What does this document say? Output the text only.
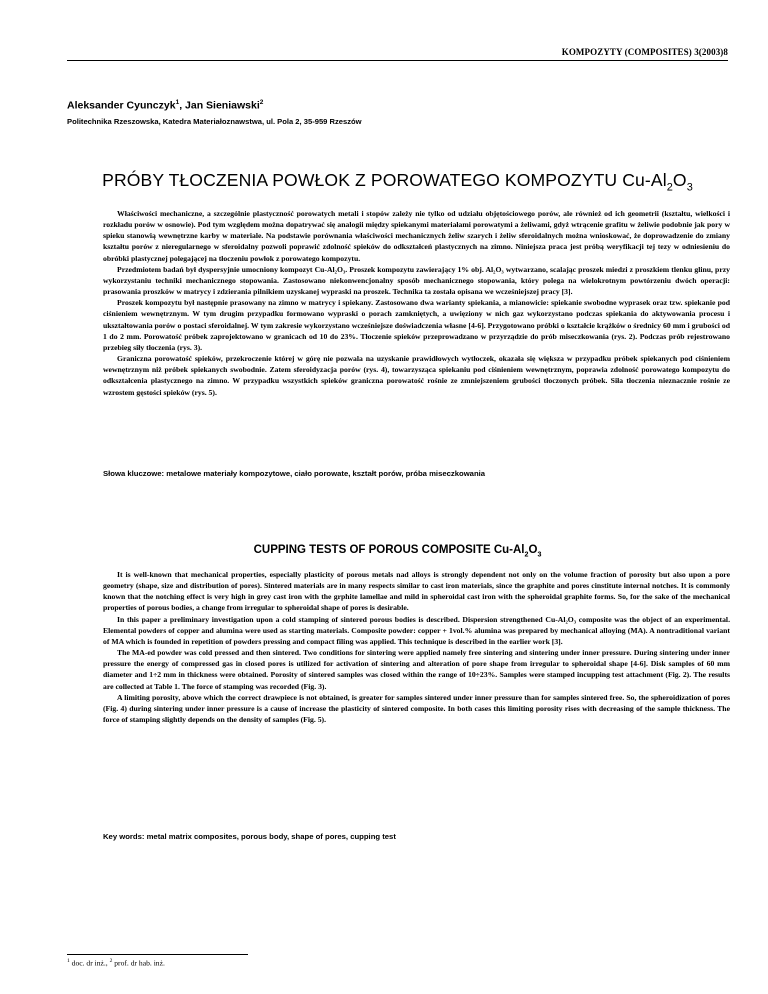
KOMPOZYTY (COMPOSITES) 3(2003)8
Aleksander Cyunczyk$^1$, Jan Sieniawski$^2$
Politechnika Rzeszowska, Katedra Materiałoznawstwa, ul. Pola 2, 35-959 Rzeszów
PRÓBY TŁOCZENIA POWŁOK Z POROWATEGO KOMPOZYTU $Cu-Al_2O_3$

Właściwości mechaniczne, a szczególnie plastyczność porowatych metali i stopów zależy nie tylko od udziału objętościowego porów, ale również od ich geometrii (kształtu, wielkości i rozkładu porów w osnowie). Pod tym względem można dopatrywać się analogii między spiekanymi materiałami porowatymi a żeliwami, gdyż wtrącenie grafitu w żeliwie podobnie jak pory w spieku stanowią wewnętrzne karby w materiale. Na podstawie porównania właściwości mechanicznych żeliw szarych i żeliw sferoidalnych można wnioskować, że doprowadzenie do zmiany kształtu porów z nieregularnego w sferoidalny pozwoli poprawić zdolność spieków do odkształceń plastycznych na zimno. Niniejsza praca jest próbą weryfikacji tej tezy w odniesieniu do obróbki plastycznej polegającej na tłoczeniu powłok z porowatego kompozytu.

Przedmiotem badań był dyspersyjnie umocniony kompozyt Cu-Al₂O₃. Proszek kompozytu zawierający 1% obj. Al₂O₃ wytwarzano, scalając proszek miedzi z proszkiem tlenku glinu, przy wykorzystaniu techniki mechanicznego stopowania. Zastosowano niekonwencjonalny sposób mechanicznego stopowania, który polega na wielokrotnym powtórzeniu dwóch operacji: prasowania proszków w matrycy i zdzierania pilnikiem uzyskanej wypraski na proszek. Technika ta została opisana we wcześniejszej pracy [3].

Proszek kompozytu był następnie prasowany na zimno w matrycy i spiekany. Zastosowano dwa warianty spiekania, a mianowicie: spiekanie swobodne wyprasek oraz tzw. spiekanie pod ciśnieniem wewnętrznym. W tym drugim przypadku formowano wypraski o porach zamkniętych, a uwięziony w nich gaz wykorzystano podczas spiekania do aktywowania procesu i ukształtowania porów o postaci sferoidalnej. W tym zakresie wykorzystano wcześniejsze doświadczenia własne [4-6]. Przygotowano próbki o kształcie krążków o średnicy 60 mm i grubości od 1 do 2 mm. Porowatość próbek zaprojektowano w granicach od 10 do 23%. Tłoczenie spieków przeprowadzano w przyrządzie do prób miseczkowania (rys. 2). Podczas prób rejestrowano przebieg siły tłoczenia (rys. 3).

Graniczna porowatość spieków, przekroczenie której w górę nie pozwala na uzyskanie prawidłowych wytłoczek, okazała się większa w przypadku próbek spiekanych pod ciśnieniem wewnętrznym niż próbek spiekanych swobodnie. Zatem sferoidyzacja porów (rys. 4), towarzysząca spiekaniu pod ciśnieniem wewnętrznym, poprawia zdolność porowatego kompozytu do odkształcenia plastycznego na zimno. W przypadku wszystkich spieków graniczna porowatość rośnie ze zmniejszeniem grubości tłoczonych próbek. Siła tłoczenia nieznacznie rośnie ze wzrostem gęstości spieków (rys. 5).

Słowa kluczowe: metalowe materiały kompozytowe, ciało porowate, kształt porów, próba miseczkowania
CUPPING TESTS OF POROUS COMPOSITE $Cu-Al_2O_3$

It is well-known that mechanical properties, especially plasticity of porous metals nad alloys is strongly dependent not only on the volume fraction of porosity but also upon a pore geometry (shape, size and distribution of pores). Sintered materials are in many respects similar to cast iron materials, since the graphite and pores cinstitute internal notches. It is commonly known that the notching effect is very high in grey cast iron with the grphite lamellae and mild in spheroidal cast iron with the spheroidal graphite forms. So, for the sake of the mechanical properties of porous bodies, a change from irregular to spheroidal shape of pores is desirable.

In this paper a preliminary investigation upon a cold stamping of sintered porous bodies is described. Dispersion strengthened Cu-Al₂O₃ composite was the object of an experimental. Elemental powders of copper and alumina were used as starting materials. Composite powder: copper + 1vol.% alumina was prepared by mechanical alloying (MA). A nontraditional variant of MA which is founded in repetition of powders pressing and compact filing was applied. This technique is described in the earlier work [3].

The MA-ed powder was cold pressed and then sintered. Two conditions for sintering were applied namely free sintering and sintering under inner pressure. During sintering under inner pressure the energy of compressed gas in closed pores is utilized for activation of sintering and alteration of pore shape from irregular to spheroidal shape [4-6]. Disk samples of 60 mm diameter and 1÷2 mm in thickness were obtained. Porosity of sintered samples was closed within the range of 10÷23%. Samples were stamped incupping test attachment (Fig. 2). The results are collected at Table 1. The force of stamping was recorded (Fig. 3).

A limiting porosity, above which the correct drawpiece is not obtained, is greater for samples sintered under inner pressure than for samples sintered free. So, the spheroidization of pores (Fig. 4) during sintering under inner pressure is a cause of increase the plasticity of sintered composite. In both cases this limiting porosity rises with decreasing of the sample thickness. The force of stamping slightly depends on the density of samples (Fig. 5).

Key words: metal matrix composites, porous body, shape of pores, cupping test
$^1$ doc. dr inż., $^2$ prof. dr hab. inż.
